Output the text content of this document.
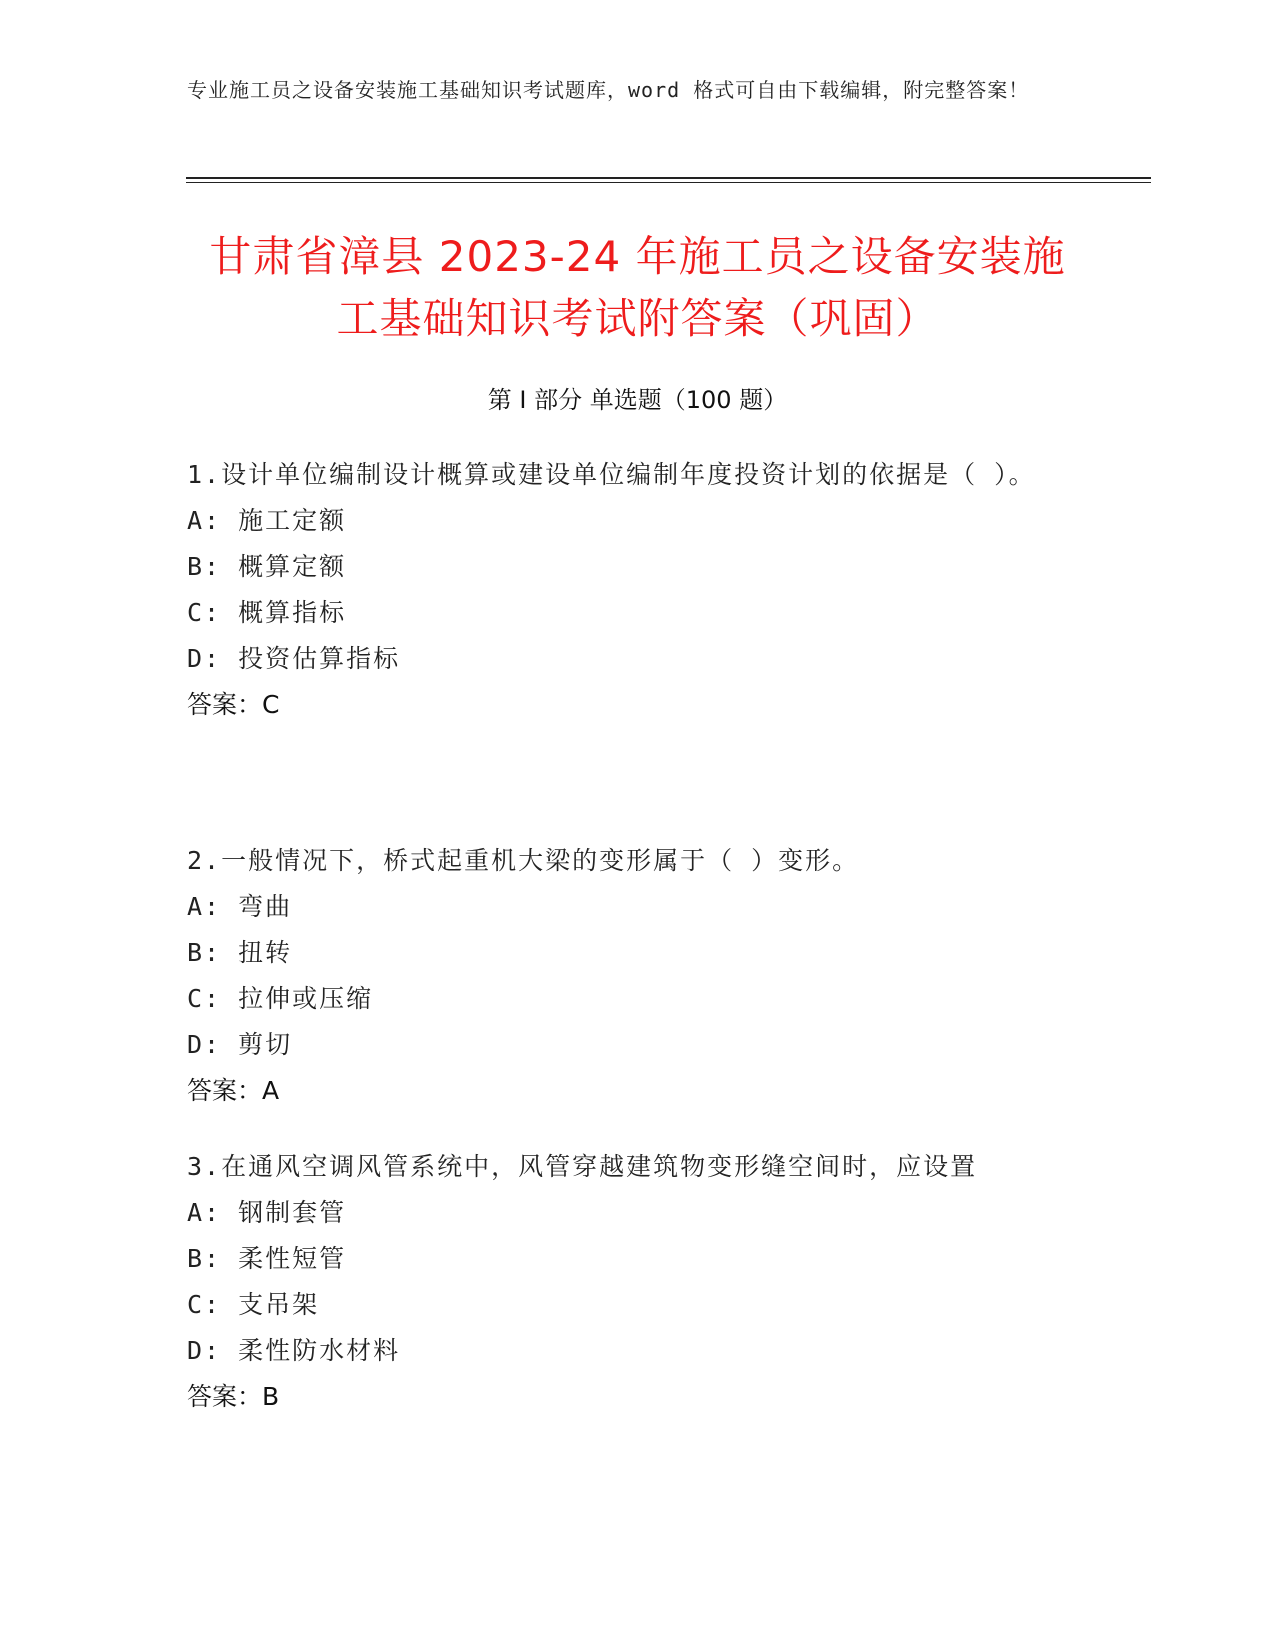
专业施工员之设备安装施工基础知识考试题库，word 格式可自由下载编辑，附完整答案！
甘肃省漳县 2023-24 年施工员之设备安装施
工基础知识考试附答案（巩固）
第 I 部分 单选题（100 题）

1.设计单位编制设计概算或建设单位编制年度投资计划的依据是（ ）。

A: 施工定额

B: 概算定额

C: 概算指标

D: 投资估算指标

答案：C

2.一般情况下，桥式起重机大梁的变形属于（ ）变形。

A: 弯曲

B: 扭转

C: 拉伸或压缩

D: 剪切

答案：A

3.在通风空调风管系统中，风管穿越建筑物变形缝空间时，应设置

A: 钢制套管

B: 柔性短管

C: 支吊架

D: 柔性防水材料

答案：B
